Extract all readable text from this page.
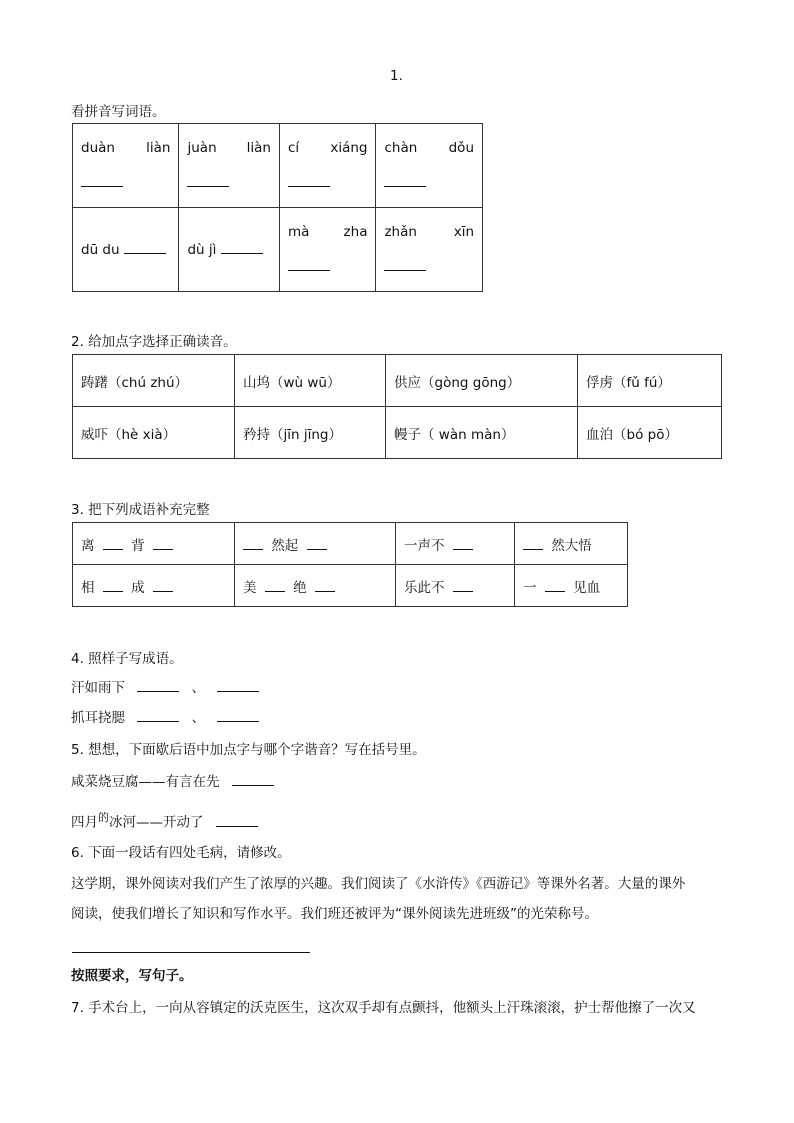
1.
看拼音写词语。
duàn liàn	juàn liàn	cí xiáng	chàn dǒu

dū du	dù jì	mà zha	zhǎn xīn
2. 给加点字选择正确读音。
踌躇（chú zhú）	山坞（wù wū）	供应（gòng gōng）	俘虏（fǔ fú）
威吓（hè xià）	矜持（jīn jīng）	幔子（ wàn màn）	血泊（bó pō）
3. 把下列成语补充完整
离 背	然起	一声不	然大悟
相 成	美 绝	乐此不	一 见血
4. 照样子写成语。
汗如雨下	、
抓耳挠腮	、
5. 想想，下面歇后语中加点字与哪个字谐音？写在括号里。
咸菜烧豆腐——有言在先
四月$^的$冰河——开动了
6. 下面一段话有四处毛病，请修改。
这学期，课外阅读对我们产生了浓厚的兴趣。我们阅读了《水浒传》《西游记》等课外名著。大量的课外
阅读，使我们增长了知识和写作水平。我们班还被评为“课外阅读先进班级”的光荣称号。
按照要求，写句子。
7. 手术台上，一向从容镇定的沃克医生，这次双手却有点颤抖，他额头上汗珠滚滚，护士帮他擦了一次又
